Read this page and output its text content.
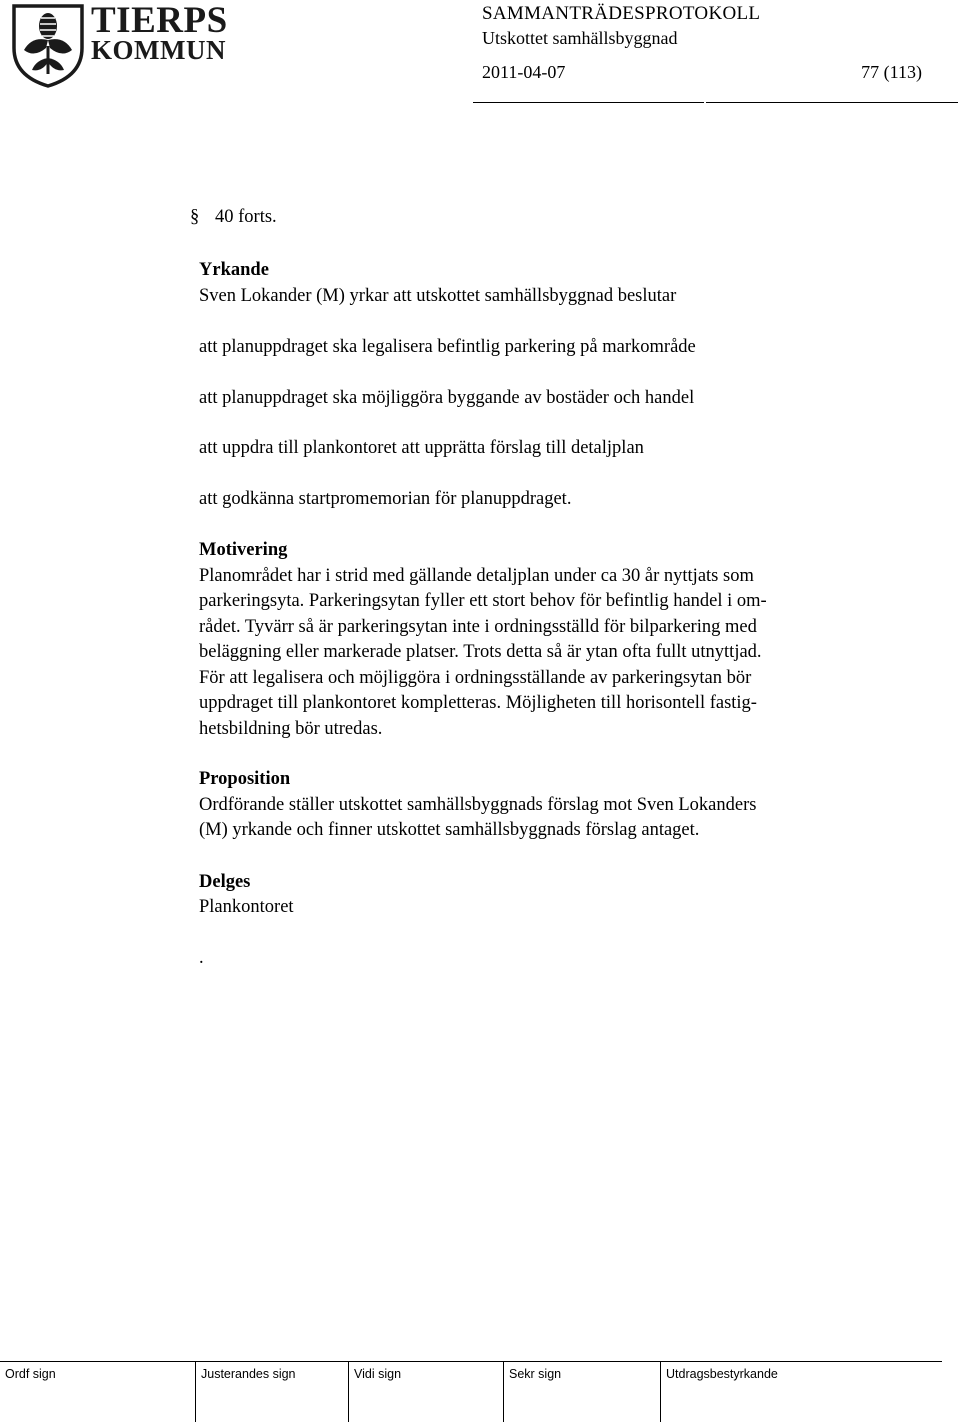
TIERPS
KOMMUN
SAMMANTRÄDESPROTOKOLL
Utskottet samhällsbyggnad
2011-04-07	77 (113)
§ 40 forts.
Yrkande
Sven Lokander (M) yrkar att utskottet samhällsbyggnad beslutar
att planuppdraget ska legalisera befintlig parkering på markområde
att planuppdraget ska möjliggöra byggande av bostäder och handel
att uppdra till plankontoret att upprätta förslag till detaljplan
att godkänna startpromemorian för planuppdraget.
Motivering
Planområdet har i strid med gällande detaljplan under ca 30 år nyttjats som
parkeringsyta. Parkeringsytan fyller ett stort behov för befintlig handel i om-
rådet. Tyvärr så är parkeringsytan inte i ordningsställd för bilparkering med
beläggning eller markerade platser. Trots detta så är ytan ofta fullt utnyttjad.
För att legalisera och möjliggöra i ordningsställande av parkeringsytan bör
uppdraget till plankontoret kompletteras. Möjligheten till horisontell fastig-
hetsbildning bör utredas.
Proposition
Ordförande ställer utskottet samhällsbyggnads förslag mot Sven Lokanders
(M) yrkande och finner utskottet samhällsbyggnads förslag antaget.
Delges
Plankontoret
.
Ordf sign	Justerandes sign	Vidi sign	Sekr sign	Utdragsbestyrkande
